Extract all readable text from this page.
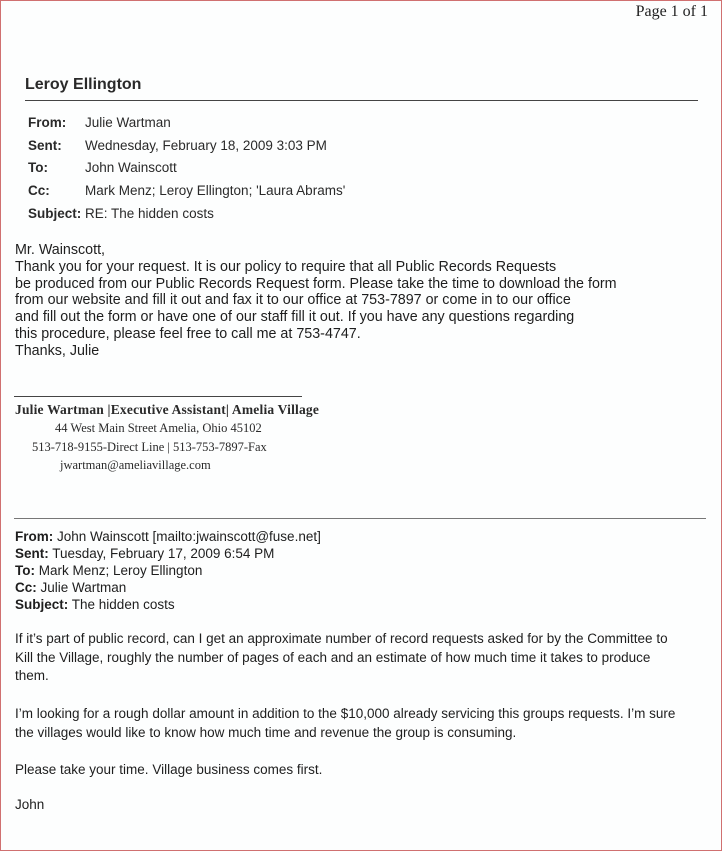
Page 1 of 1
Leroy Ellington
From: Julie Wartman
Sent: Wednesday, February 18, 2009 3:03 PM
To:	John Wainscott
Cc:	Mark Menz; Leroy Ellington; 'Laura Abrams'
Subject: RE: The hidden costs
Mr. Wainscott,
Thank you for your request. It is our policy to require that all Public Records Requests
be produced from our Public Records Request form. Please take the time to download the form
from our website and fill it out and fax it to our office at 753-7897 or come in to our office
and fill out the form or have one of our staff fill it out. If you have any questions regarding
this procedure, please feel free to call me at 753-4747.
Thanks, Julie
Julie Wartman |Executive Assistant| Amelia Village
44 West Main Street Amelia, Ohio 45102
513-718-9155-Direct Line | 513-753-7897-Fax
jwartman@ameliavillage.com
From: John Wainscott [mailto:jwainscott@fuse.net]
Sent: Tuesday, February 17, 2009 6:54 PM
To: Mark Menz; Leroy Ellington
Cc: Julie Wartman
Subject: The hidden costs
If it’s part of public record, can I get an approximate number of record requests asked for by the Committee to
Kill the Village, roughly the number of pages of each and an estimate of how much time it takes to produce
them.
I’m looking for a rough dollar amount in addition to the $10,000 already servicing this groups requests. I’m sure
the villages would like to know how much time and revenue the group is consuming.
Please take your time. Village business comes first.
John
